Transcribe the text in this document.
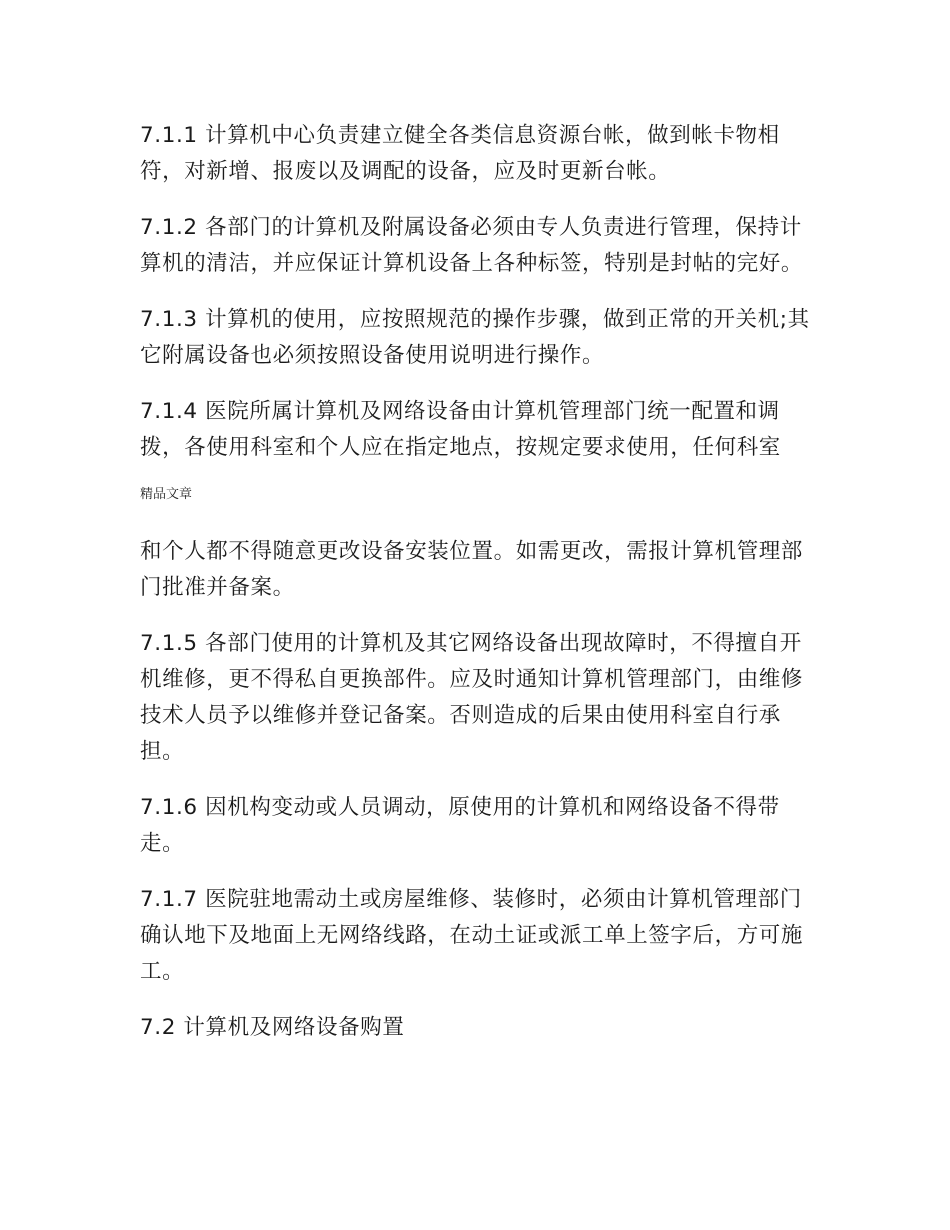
7.1.1 计算机中心负责建立健全各类信息资源台帐，做到帐卡物相符，对新增、报废以及调配的设备，应及时更新台帐。

7.1.2 各部门的计算机及附属设备必须由专人负责进行管理，保持计算机的清洁，并应保证计算机设备上各种标签，特别是封帖的完好。

7.1.3 计算机的使用，应按照规范的操作步骤，做到正常的开关机;其它附属设备也必须按照设备使用说明进行操作。

7.1.4 医院所属计算机及网络设备由计算机管理部门统一配置和调拨，各使用科室和个人应在指定地点，按规定要求使用，任何科室

精品文章

和个人都不得随意更改设备安装位置。如需更改，需报计算机管理部门批准并备案。

7.1.5 各部门使用的计算机及其它网络设备出现故障时，不得擅自开机维修，更不得私自更换部件。应及时通知计算机管理部门，由维修技术人员予以维修并登记备案。否则造成的后果由使用科室自行承担。

7.1.6 因机构变动或人员调动，原使用的计算机和网络设备不得带走。

7.1.7 医院驻地需动土或房屋维修、装修时，必须由计算机管理部门确认地下及地面上无网络线路，在动土证或派工单上签字后，方可施工。

7.2 计算机及网络设备购置
